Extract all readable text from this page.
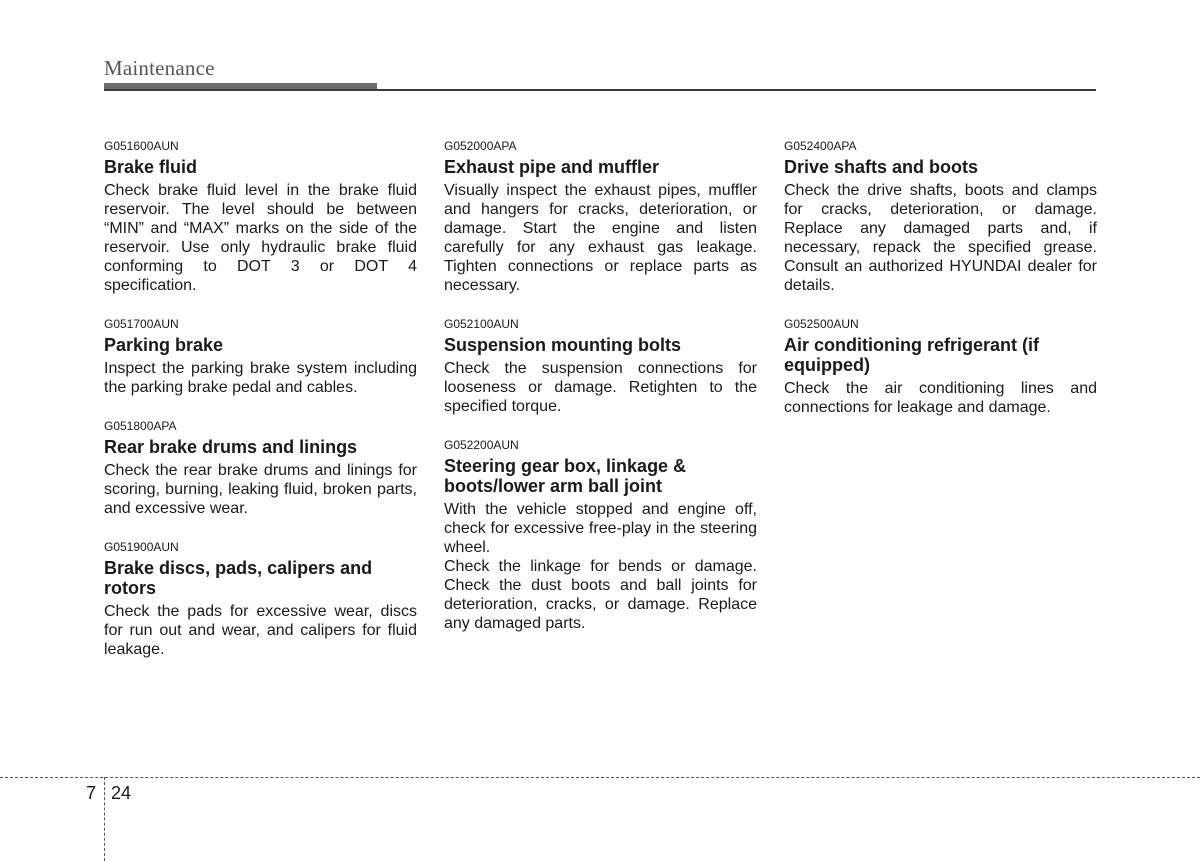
Maintenance

G051600AUN

Brake fluid

Check brake fluid level in the brake fluid reservoir. The level should be between “MIN” and “MAX” marks on the side of the reservoir. Use only hydraulic brake fluid conforming to DOT 3 or DOT 4 specification.

G051700AUN

Parking brake

Inspect the parking brake system including the parking brake pedal and cables.

G051800APA

Rear brake drums and linings

Check the rear brake drums and linings for scoring, burning, leaking fluid, broken parts, and excessive wear.

G051900AUN

Brake discs, pads, calipers and rotors

Check the pads for excessive wear, discs for run out and wear, and calipers for fluid leakage.

G052000APA

Exhaust pipe and muffler

Visually inspect the exhaust pipes, muffler and hangers for cracks, deterioration, or damage. Start the engine and listen carefully for any exhaust gas leakage. Tighten connections or replace parts as necessary.

G052100AUN

Suspension mounting bolts

Check the suspension connections for looseness or damage. Retighten to the specified torque.

G052200AUN

Steering gear box, linkage & boots/lower arm ball joint

With the vehicle stopped and engine off, check for excessive free-play in the steering wheel.

Check the linkage for bends or damage. Check the dust boots and ball joints for deterioration, cracks, or damage. Replace any damaged parts.

G052400APA

Drive shafts and boots

Check the drive shafts, boots and clamps for cracks, deterioration, or damage. Replace any damaged parts and, if necessary, repack the specified grease. Consult an authorized HYUNDAI dealer for details.

G052500AUN

Air conditioning refrigerant (if equipped)

Check the air conditioning lines and connections for leakage and damage.

7 24
